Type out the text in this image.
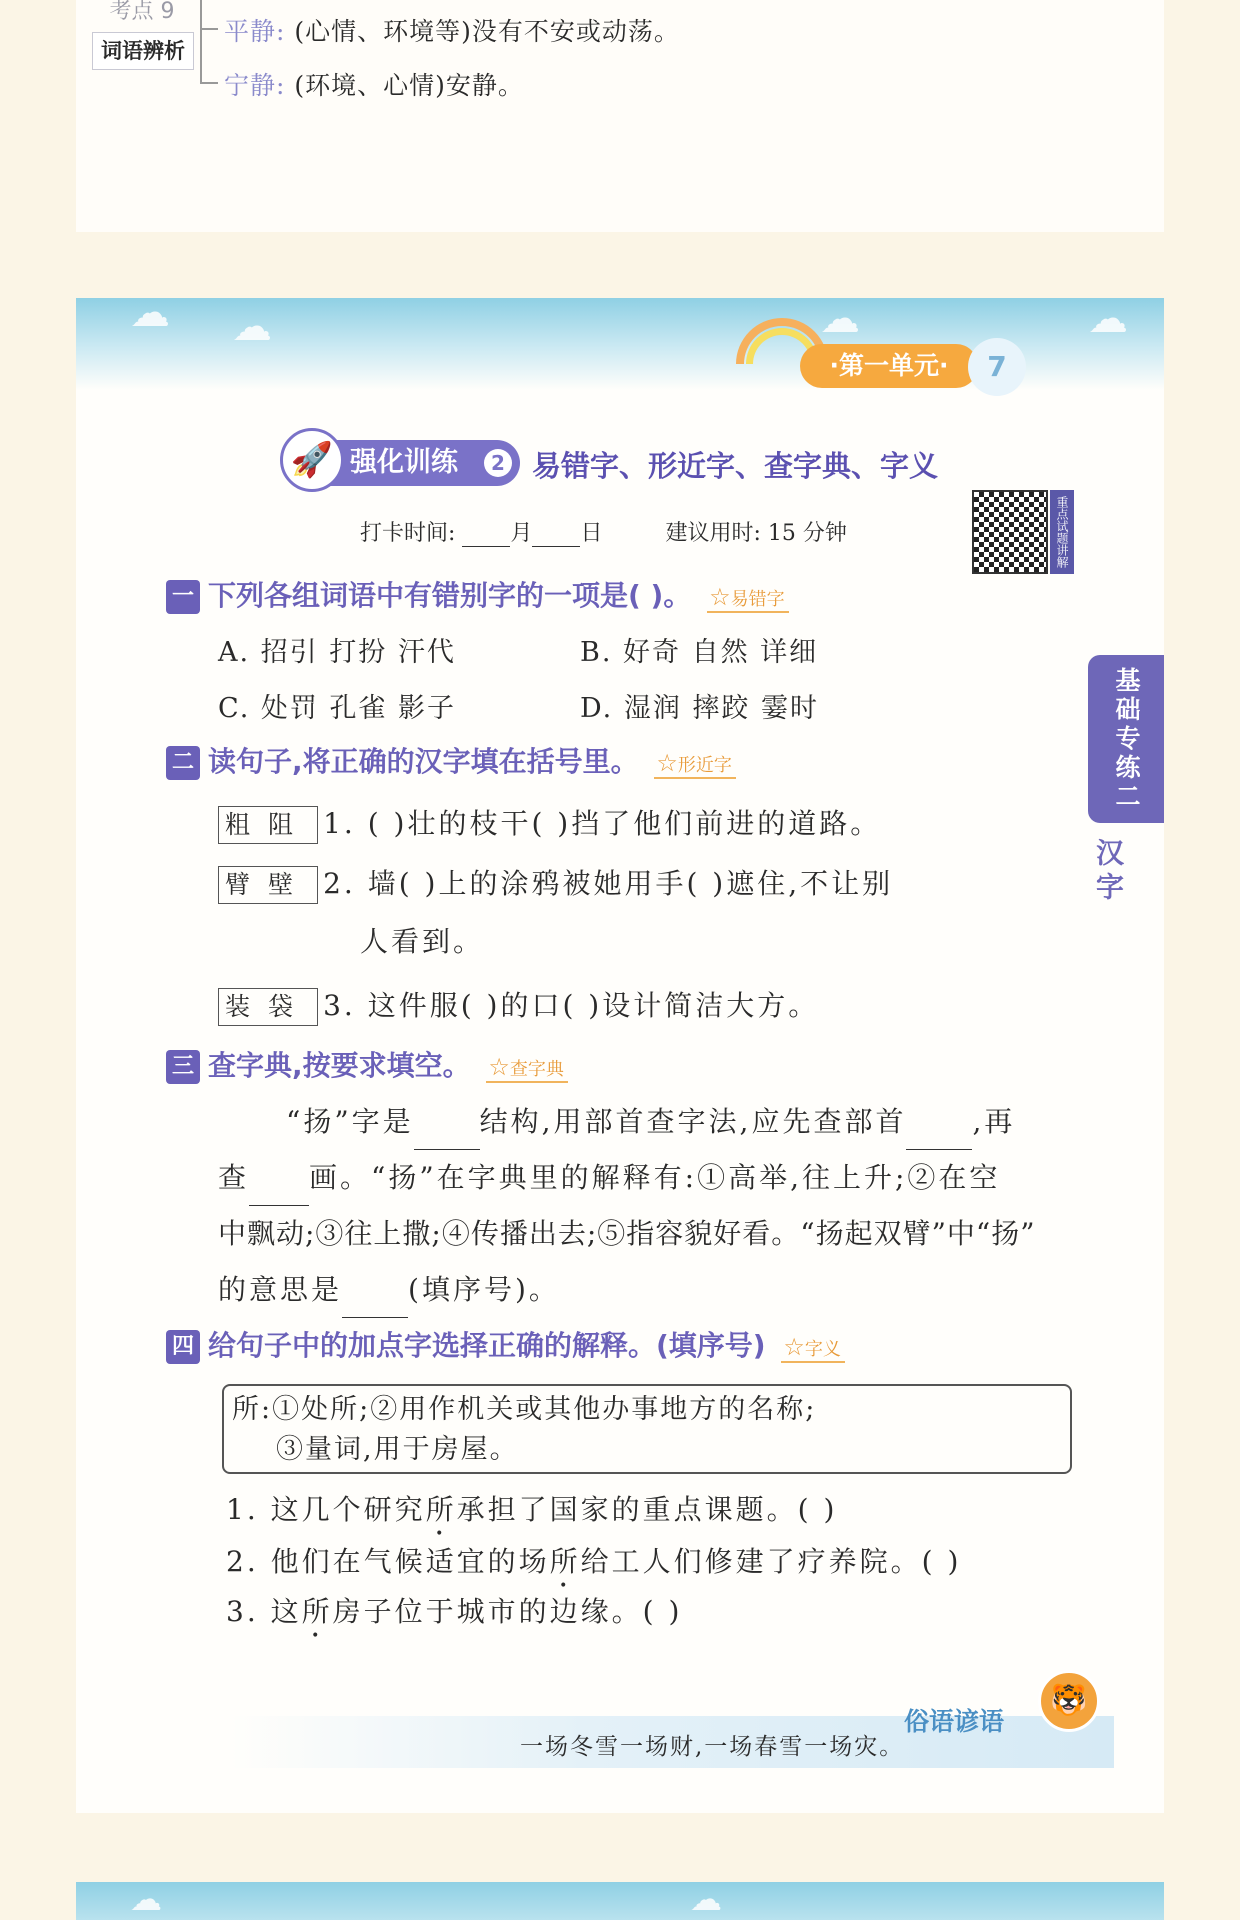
考点 9
词语辨析
平静: (心情、环境等)没有不安或动荡。
宁静: (环境、心情)安静。
☁ ☁	☁	☁
·第一单元·	7
强化训练
🚀	2 易错字、形近字、查字典、字义
打卡时间:	月 日	建议用时: 15 分钟	重点试题讲解
基础专练二
汉字
一 下列各组词语中有错别字的一项是( )。 ☆易错字
A. 招引 打扮 汗代	B. 好奇 自然 详细
C. 处罚 孔雀 影子	D. 湿润 摔跤 霎时
二 读句子,将正确的汉字填在括号里。 ☆形近字
粗阻 1. ( )壮的枝干( )挡了他们前进的道路。
臂壁 2. 墙( )上的涂鸦被她用手( )遮住,不让别
人看到。
装袋 3. 这件服( )的口( )设计简洁大方。
三 查字典,按要求填空。 ☆查字典
“扬”字是 结构,用部首查字法,应先查部首 ,再
查 画。“扬”在字典里的解释有:①高举,往上升;②在空
中飘动;③往上撒;④传播出去;⑤指容貌好看。“扬起双臂”中“扬”
的意思是 (填序号)。
四 给句子中的加点字选择正确的解释。(填序号) ☆字义
所:①处所;②用作机关或其他办事地方的名称;
③量词,用于房屋。
1. 这几个研究所承担了国家的重点课题。( )
2. 他们在气候适宜的场所给工人们修建了疗养院。( )
3. 这所房子位于城市的边缘。( )
一场冬雪一场财,一场春雪一场灾。
俗语谚语
🐯
☁	☁
